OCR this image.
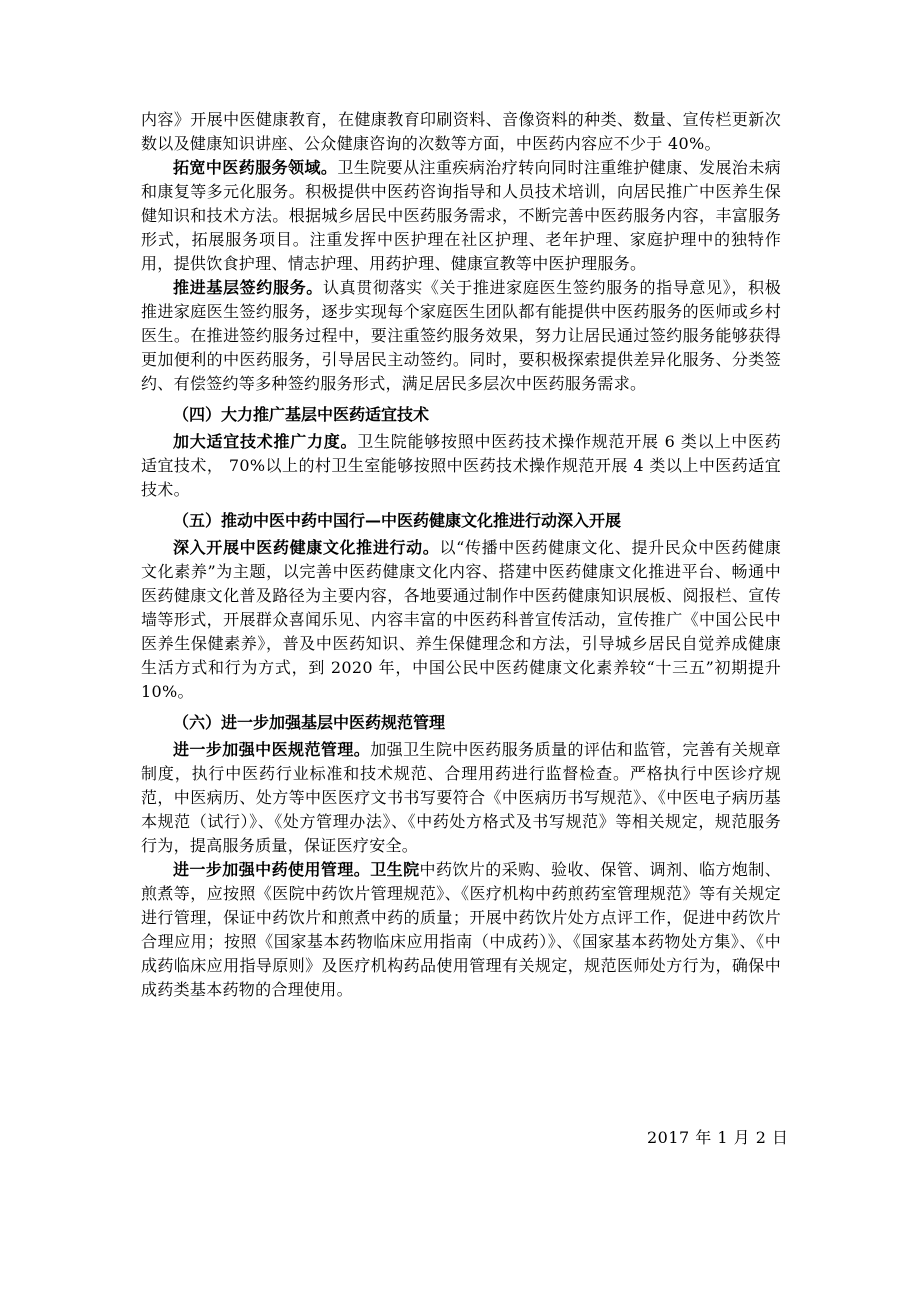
内容》开展中医健康教育，在健康教育印刷资料、音像资料的种类、数量、宣传栏更新次数以及健康知识讲座、公众健康咨询的次数等方面，中医药内容应不少于 40%。

拓宽中医药服务领域。卫生院要从注重疾病治疗转向同时注重维护健康、发展治未病和康复等多元化服务。积极提供中医药咨询指导和人员技术培训，向居民推广中医养生保健知识和技术方法。根据城乡居民中医药服务需求，不断完善中医药服务内容，丰富服务形式，拓展服务项目。注重发挥中医护理在社区护理、老年护理、家庭护理中的独特作用，提供饮食护理、情志护理、用药护理、健康宣教等中医护理服务。

推进基层签约服务。认真贯彻落实《关于推进家庭医生签约服务的指导意见》，积极推进家庭医生签约服务，逐步实现每个家庭医生团队都有能提供中医药服务的医师或乡村医生。在推进签约服务过程中，要注重签约服务效果，努力让居民通过签约服务能够获得更加便利的中医药服务，引导居民主动签约。同时，要积极探索提供差异化服务、分类签约、有偿签约等多种签约服务形式，满足居民多层次中医药服务需求。

（四）大力推广基层中医药适宜技术

加大适宜技术推广力度。卫生院能够按照中医药技术操作规范开展 6 类以上中医药适宜技术， 70%以上的村卫生室能够按照中医药技术操作规范开展 4 类以上中医药适宜技术。

（五）推动中医中药中国行—中医药健康文化推进行动深入开展

深入开展中医药健康文化推进行动。以“传播中医药健康文化、提升民众中医药健康文化素养”为主题，以完善中医药健康文化内容、搭建中医药健康文化推进平台、畅通中医药健康文化普及路径为主要内容，各地要通过制作中医药健康知识展板、阅报栏、宣传墙等形式，开展群众喜闻乐见、内容丰富的中医药科普宣传活动，宣传推广《中国公民中医养生保健素养》，普及中医药知识、养生保健理念和方法，引导城乡居民自觉养成健康生活方式和行为方式，到 2020 年，中国公民中医药健康文化素养较“十三五”初期提升 10%。

（六）进一步加强基层中医药规范管理

进一步加强中医规范管理。加强卫生院中医药服务质量的评估和监管，完善有关规章制度，执行中医药行业标准和技术规范、合理用药进行监督检查。严格执行中医诊疗规范，中医病历、处方等中医医疗文书书写要符合《中医病历书写规范》、《中医电子病历基本规范（试行）》、《处方管理办法》、《中药处方格式及书写规范》等相关规定，规范服务行为，提高服务质量，保证医疗安全。

进一步加强中药使用管理。卫生院中药饮片的采购、验收、保管、调剂、临方炮制、煎煮等，应按照《医院中药饮片管理规范》、《医疗机构中药煎药室管理规范》等有关规定进行管理，保证中药饮片和煎煮中药的质量；开展中药饮片处方点评工作，促进中药饮片合理应用；按照《国家基本药物临床应用指南（中成药）》、《国家基本药物处方集》、《中成药临床应用指导原则》及医疗机构药品使用管理有关规定，规范医师处方行为，确保中成药类基本药物的合理使用。

2017 年 1 月 2 日
